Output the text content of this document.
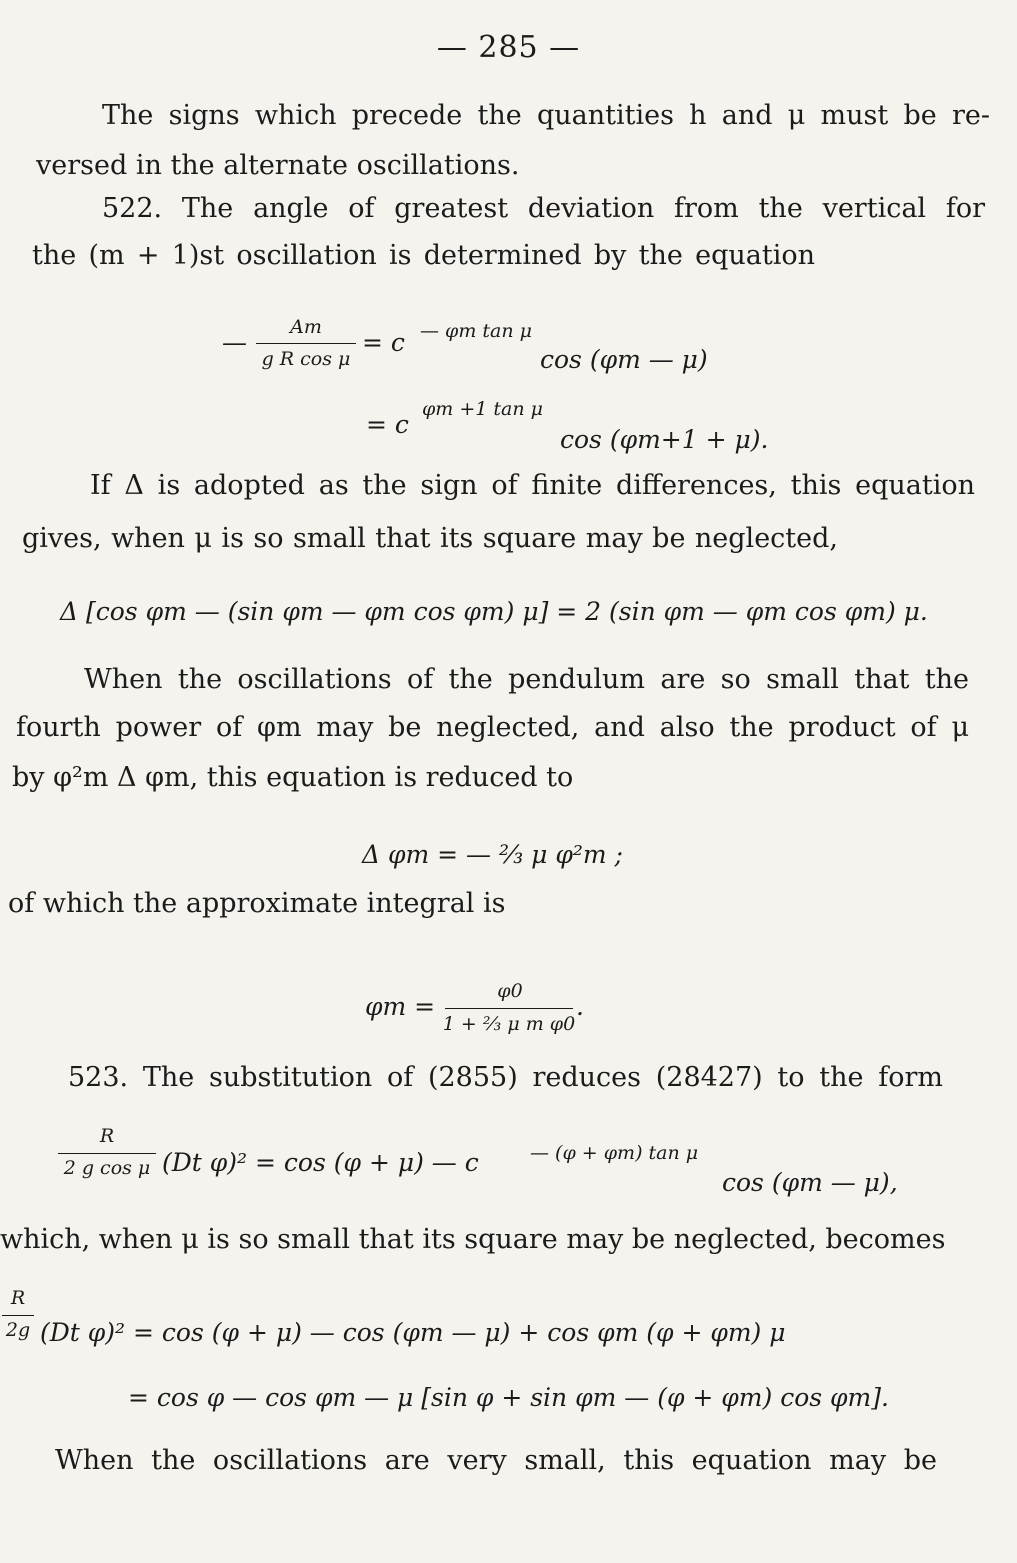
— 285 —
The signs which precede the quantities h and μ must be re-
versed in the alternate oscillations.
522. The angle of greatest deviation from the vertical for
the (m + 1)st oscillation is determined by the equation
—
Am
g R cos μ
= c — φm tan μ
cos (φm — μ)
= c
φm +1 tan μ
cos (φm+1 + μ).
If Δ is adopted as the sign of finite differences, this equation
gives, when μ is so small that its square may be neglected,
Δ [cos φm — (sin φm — φm cos φm) μ] = 2 (sin φm — φm cos φm) μ.
When the oscillations of the pendulum are so small that the
fourth power of φm may be neglected, and also the product of μ
by φ²m Δ φm, this equation is reduced to
Δ φm = — ⅔ μ φ²m ;
of which the approximate integral is
φm =
φ0
1 + ⅔ μ m φ0
.
523. The substitution of (2855) reduces (28427) to the form
R
2 g cos μ (Dt φ)² = cos (φ + μ) — c	— (φ + φm) tan μ
cos (φm — μ),
which, when μ is so small that its square may be neglected, becomes
R
2g (Dt φ)² = cos (φ + μ) — cos (φm — μ) + cos φm (φ + φm) μ
= cos φ — cos φm — μ [sin φ + sin φm — (φ + φm) cos φm].
When the oscillations are very small, this equation may be
